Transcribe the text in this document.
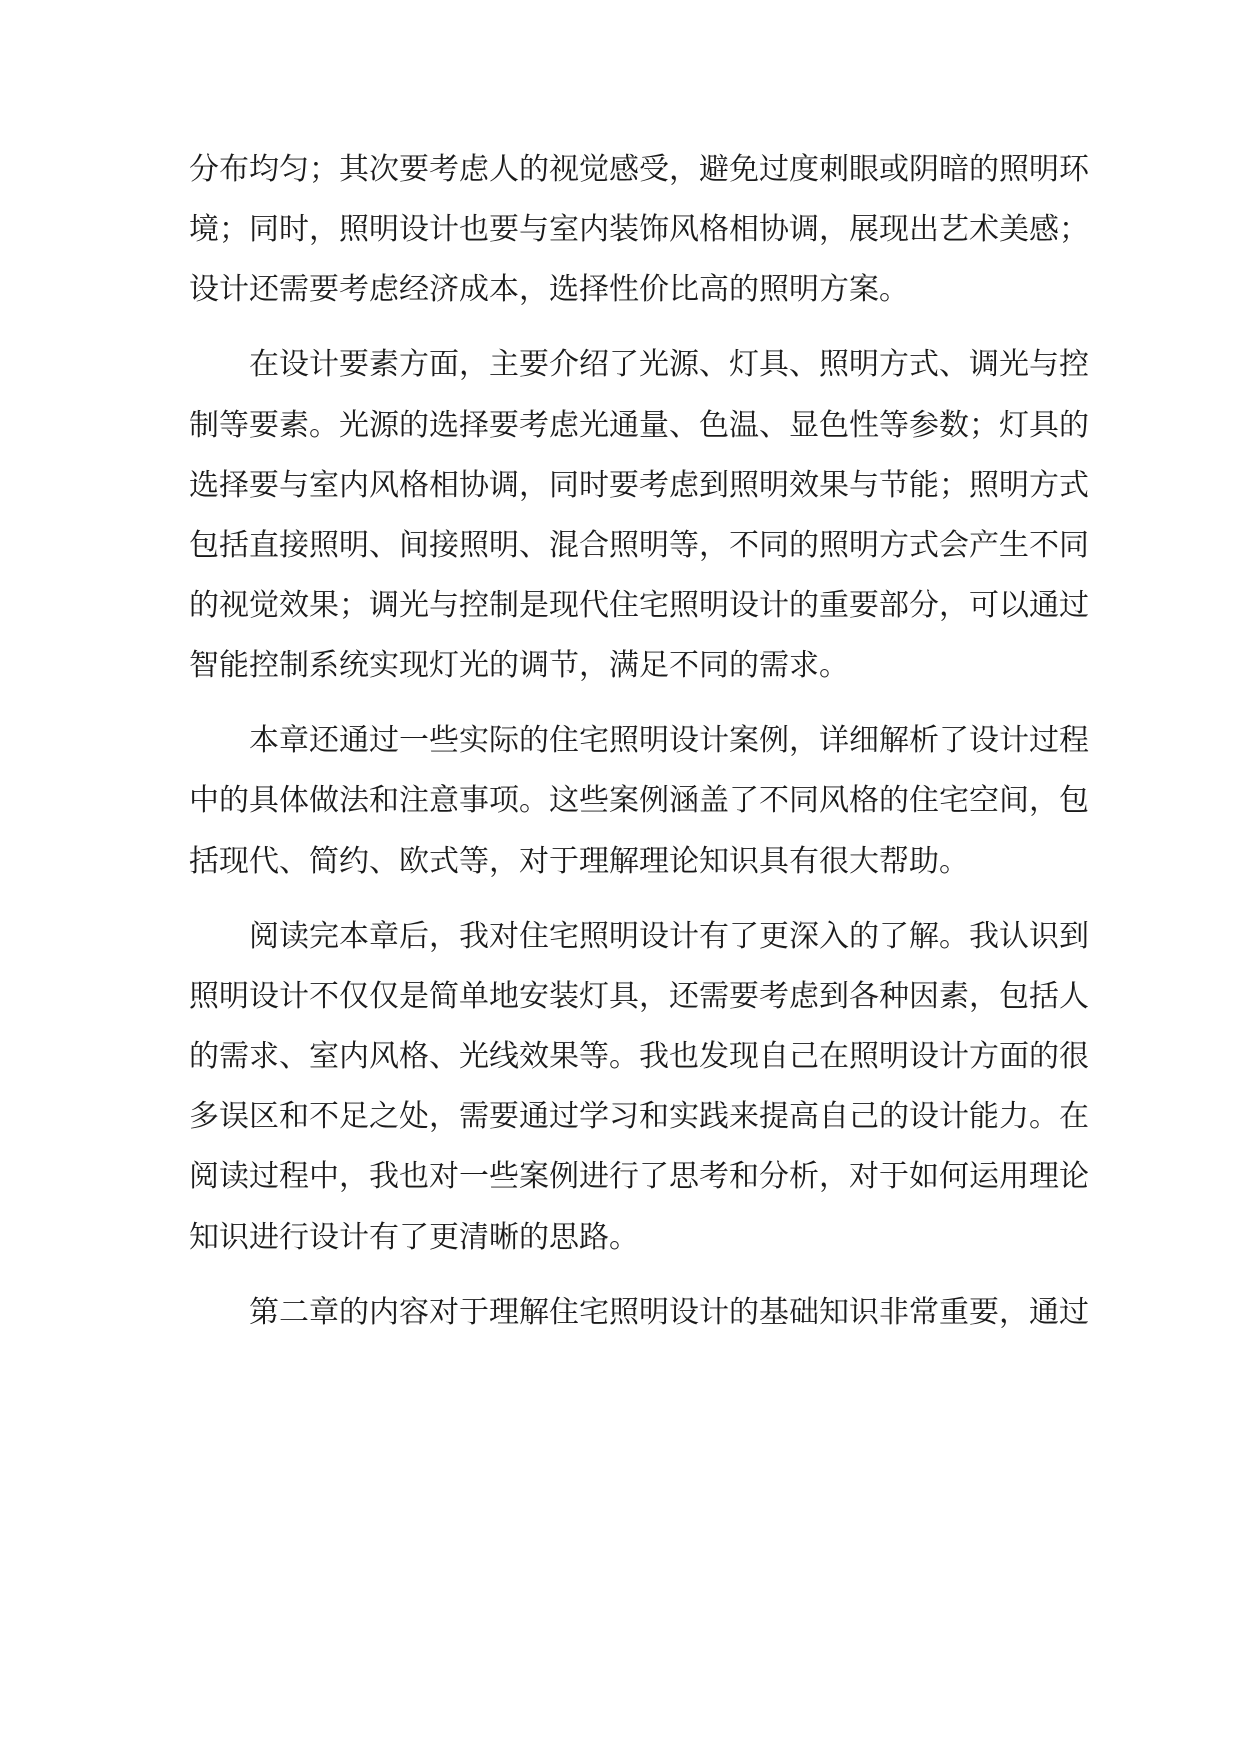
分布均匀；其次要考虑人的视觉感受，避免过度刺眼或阴暗的照明环
境；同时，照明设计也要与室内装饰风格相协调，展现出艺术美感；
设计还需要考虑经济成本，选择性价比高的照明方案。
在设计要素方面，主要介绍了光源、灯具、照明方式、调光与控
制等要素。光源的选择要考虑光通量、色温、显色性等参数；灯具的
选择要与室内风格相协调，同时要考虑到照明效果与节能；照明方式
包括直接照明、间接照明、混合照明等，不同的照明方式会产生不同
的视觉效果；调光与控制是现代住宅照明设计的重要部分，可以通过
智能控制系统实现灯光的调节，满足不同的需求。
本章还通过一些实际的住宅照明设计案例，详细解析了设计过程
中的具体做法和注意事项。这些案例涵盖了不同风格的住宅空间，包
括现代、简约、欧式等，对于理解理论知识具有很大帮助。
阅读完本章后，我对住宅照明设计有了更深入的了解。我认识到
照明设计不仅仅是简单地安装灯具，还需要考虑到各种因素，包括人
的需求、室内风格、光线效果等。我也发现自己在照明设计方面的很
多误区和不足之处，需要通过学习和实践来提高自己的设计能力。在
阅读过程中，我也对一些案例进行了思考和分析，对于如何运用理论
知识进行设计有了更清晰的思路。
第二章的内容对于理解住宅照明设计的基础知识非常重要，通过
